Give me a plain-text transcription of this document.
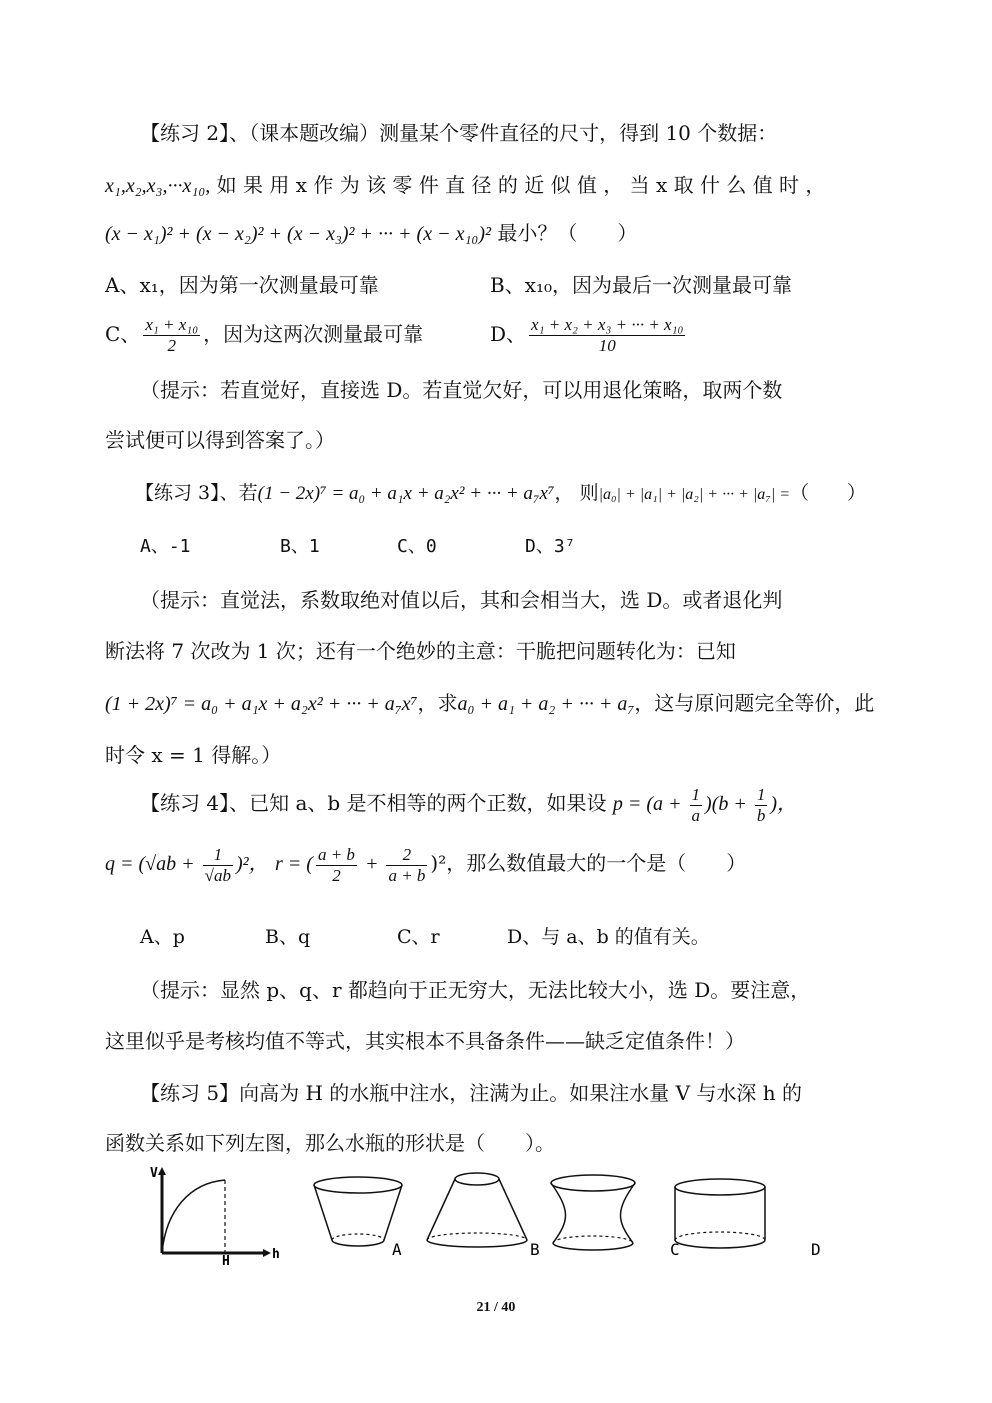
【练习 2】、（课本题改编）测量某个零件直径的尺寸，得到 10 个数据：
x₁,x₂,x₃,···x₁₀, 如 果 用 x 作 为 该 零 件 直 径 的 近 似 值 ， 当 x 取 什 么 值 时 ，
(x − x₁)² + (x − x₂)² + (x − x₃)² + ··· + (x − x₁₀)² 最小？（　　）
A、x₁，因为第一次测量最可靠	B、x₁₀，因为最后一次测量最可靠
C、 $\frac{\text{x₁ + x₁₀}}{2}$ ，因为这两次测量最可靠	D、 $\frac{\text{x₁ + x₂ + x₃ + ··· + x₁₀}}{10}$
（提示：若直觉好，直接选 D。若直觉欠好，可以用退化策略，取两个数
尝试便可以得到答案了。）
【练习 3】、若(1 − 2x)⁷ = a₀ + a₁x + a₂x² + ··· + a₇x⁷， 则|a₀| + |a₁| + |a₂| + ··· + |a₇| =（　　）
A、-1	B、1	C、0	D、3⁷
（提示：直觉法，系数取绝对值以后，其和会相当大，选 D。或者退化判
断法将 7 次改为 1 次；还有一个绝妙的主意：干脆把问题转化为：已知
(1 + 2x)⁷ = a₀ + a₁x + a₂x² + ··· + a₇x⁷，求a₀ + a₁ + a₂ + ··· + a₇，这与原问题完全等价，此
时令 x = 1 得解。）
【练习 4】、已知 a、b 是不相等的两个正数，如果设 $p = (a + \frac{1}{a} )(b + \frac{1}{b}$ )，
$q = (√ab + \frac{1}{√ab} )^2$， r = ( $\frac{a + b}{2} + \frac{2}{a + b} )^2$，那么数值最大的一个是（　　）
A、p	B、q	C、r	D、与 a、b 的值有关。
（提示：显然 p、q、r 都趋向于正无穷大，无法比较大小，选 D。要注意，
这里似乎是考核均值不等式，其实根本不具备条件——缺乏定值条件！）
【练习 5】向高为 H 的水瓶中注水，注满为止。如果注水量 V 与水深 h 的
函数关系如下列左图，那么水瓶的形状是（　　）。
V
h
H
A	B	C	D
21 / 40
